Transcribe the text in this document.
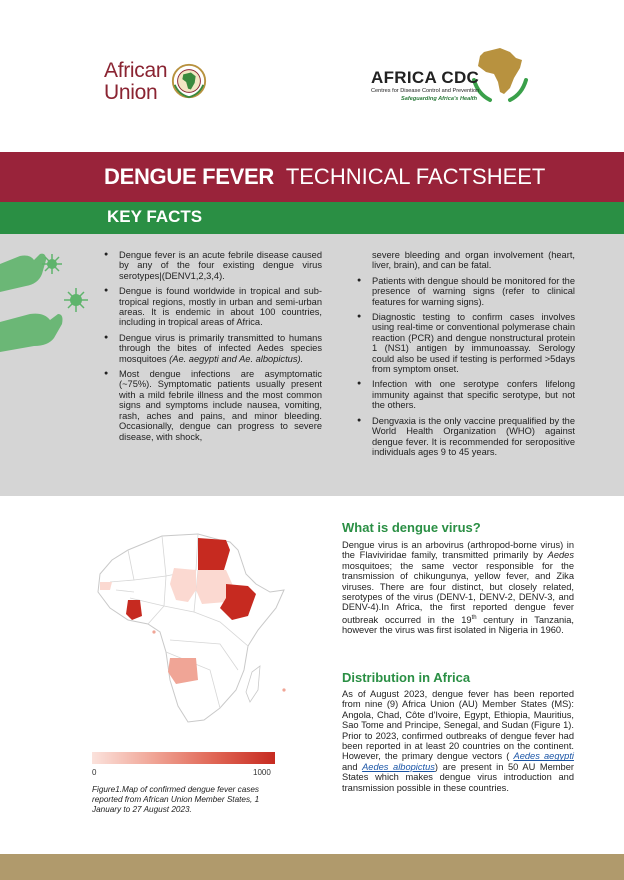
African
Union
AFRICA CDC
Centres for Disease Control and Prevention
Safeguarding Africa's Health
DENGUE FEVER TECHNICAL FACTSHEET
KEY FACTS
● Dengue fever is an acute febrile disease caused by any of the four existing dengue virus serotypes|(DENV1,2,3,4).
● Dengue is found worldwide in tropical and sub-tropical regions, mostly in urban and semi-urban areas. It is endemic in about 100 countries, including in tropical areas of Africa.
● Dengue virus is primarily transmitted to humans through the bites of infected Aedes species mosquitoes (Ae. aegypti and Ae. albopictus).
● Most dengue infections are asymptomatic (~75%). Symptomatic patients usually present with a mild febrile illness and the most common signs and symptoms include nausea, vomiting, rash, aches and pains, and minor bleeding. Occasionally, dengue can progress to severe disease, with shock,
severe bleeding and organ involvement (heart, liver, brain), and can be fatal.
● Patients with dengue should be monitored for the presence of warning signs (refer to clinical features for warning signs).
● Diagnostic testing to confirm cases involves using real-time or conventional polymerase chain reaction (PCR) and dengue nonstructural protein 1 (NS1) antigen by immunoassay. Serology could also be used if testing is performed >5days from symptom onset.
● Infection with one serotype confers lifelong immunity against that specific serotype, but not the others.
● Dengvaxia is the only vaccine prequalified by the World Health Organization (WHO) against dengue fever. It is recommended for seropositive individuals ages 9 to 45 years.
0	1000
Figure1.Map of confirmed dengue fever cases reported from African Union Member States, 1 January to 27 August 2023.
What is dengue virus?
Dengue virus is an arbovirus (arthropod-borne virus) in the Flaviviridae family, transmitted primarily by Aedes mosquitoes; the same vector responsible for the transmission of chikungunya, yellow fever, and Zika viruses. There are four distinct, but closely related, serotypes of the virus (DENV-1, DENV-2, DENV-3, and DENV-4).In Africa, the first reported dengue fever outbreak occurred in the 19th century in Tanzania, however the virus was first isolated in Nigeria in 1960.
Distribution in Africa
As of August 2023, dengue fever has been reported from nine (9) Africa Union (AU) Member States (MS): Angola, Chad, Côte d'Ivoire, Egypt, Ethiopia, Mauritius, Sao Tome and Principe, Senegal, and Sudan (Figure 1). Prior to 2023, confirmed outbreaks of dengue fever had been reported in at least 20 countries on the continent. However, the primary dengue vectors ( Aedes aegypti and Aedes albopictus) are present in 50 AU Member States which makes dengue virus introduction and transmission possible in these countries.
